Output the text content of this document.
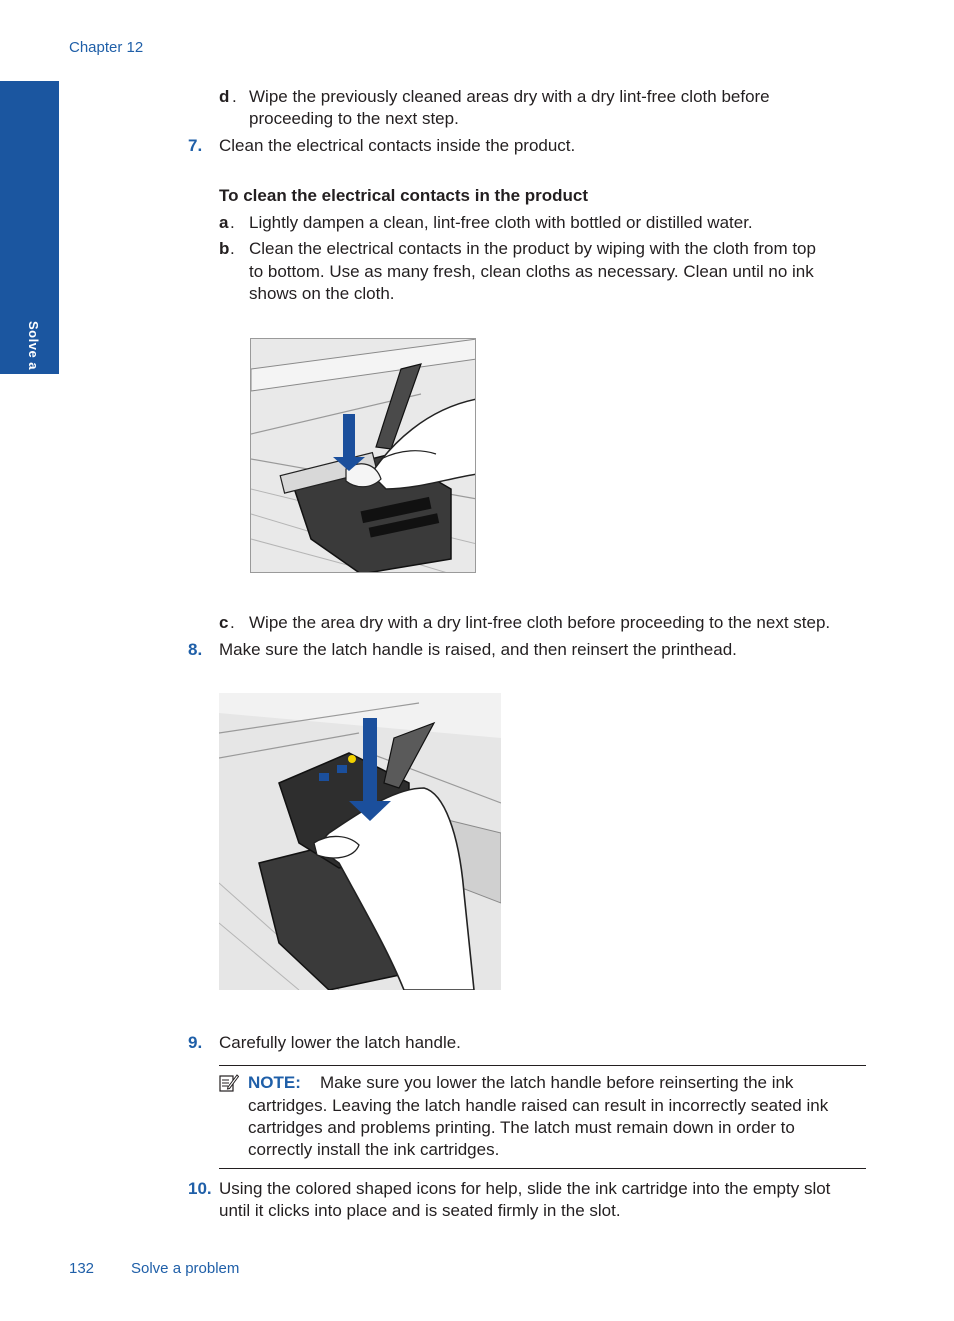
Chapter 12
Solve a problem
d . Wipe the previously cleaned areas dry with a dry lint-free cloth before
proceeding to the next step.
7. Clean the electrical contacts inside the product.
To clean the electrical contacts in the product
a . Lightly dampen a clean, lint-free cloth with bottled or distilled water.
b . Clean the electrical contacts in the product by wiping with the cloth from top
to bottom. Use as many fresh, clean cloths as necessary. Clean until no ink
shows on the cloth.
c . Wipe the area dry with a dry lint-free cloth before proceeding to the next step.
8. Make sure the latch handle is raised, and then reinsert the printhead.
9. Carefully lower the latch handle.
NOTE: Make sure you lower the latch handle before reinserting the ink
cartridges. Leaving the latch handle raised can result in incorrectly seated ink
cartridges and problems printing. The latch must remain down in order to
correctly install the ink cartridges.
10. Using the colored shaped icons for help, slide the ink cartridge into the empty slot
until it clicks into place and is seated firmly in the slot.
132 Solve a problem
